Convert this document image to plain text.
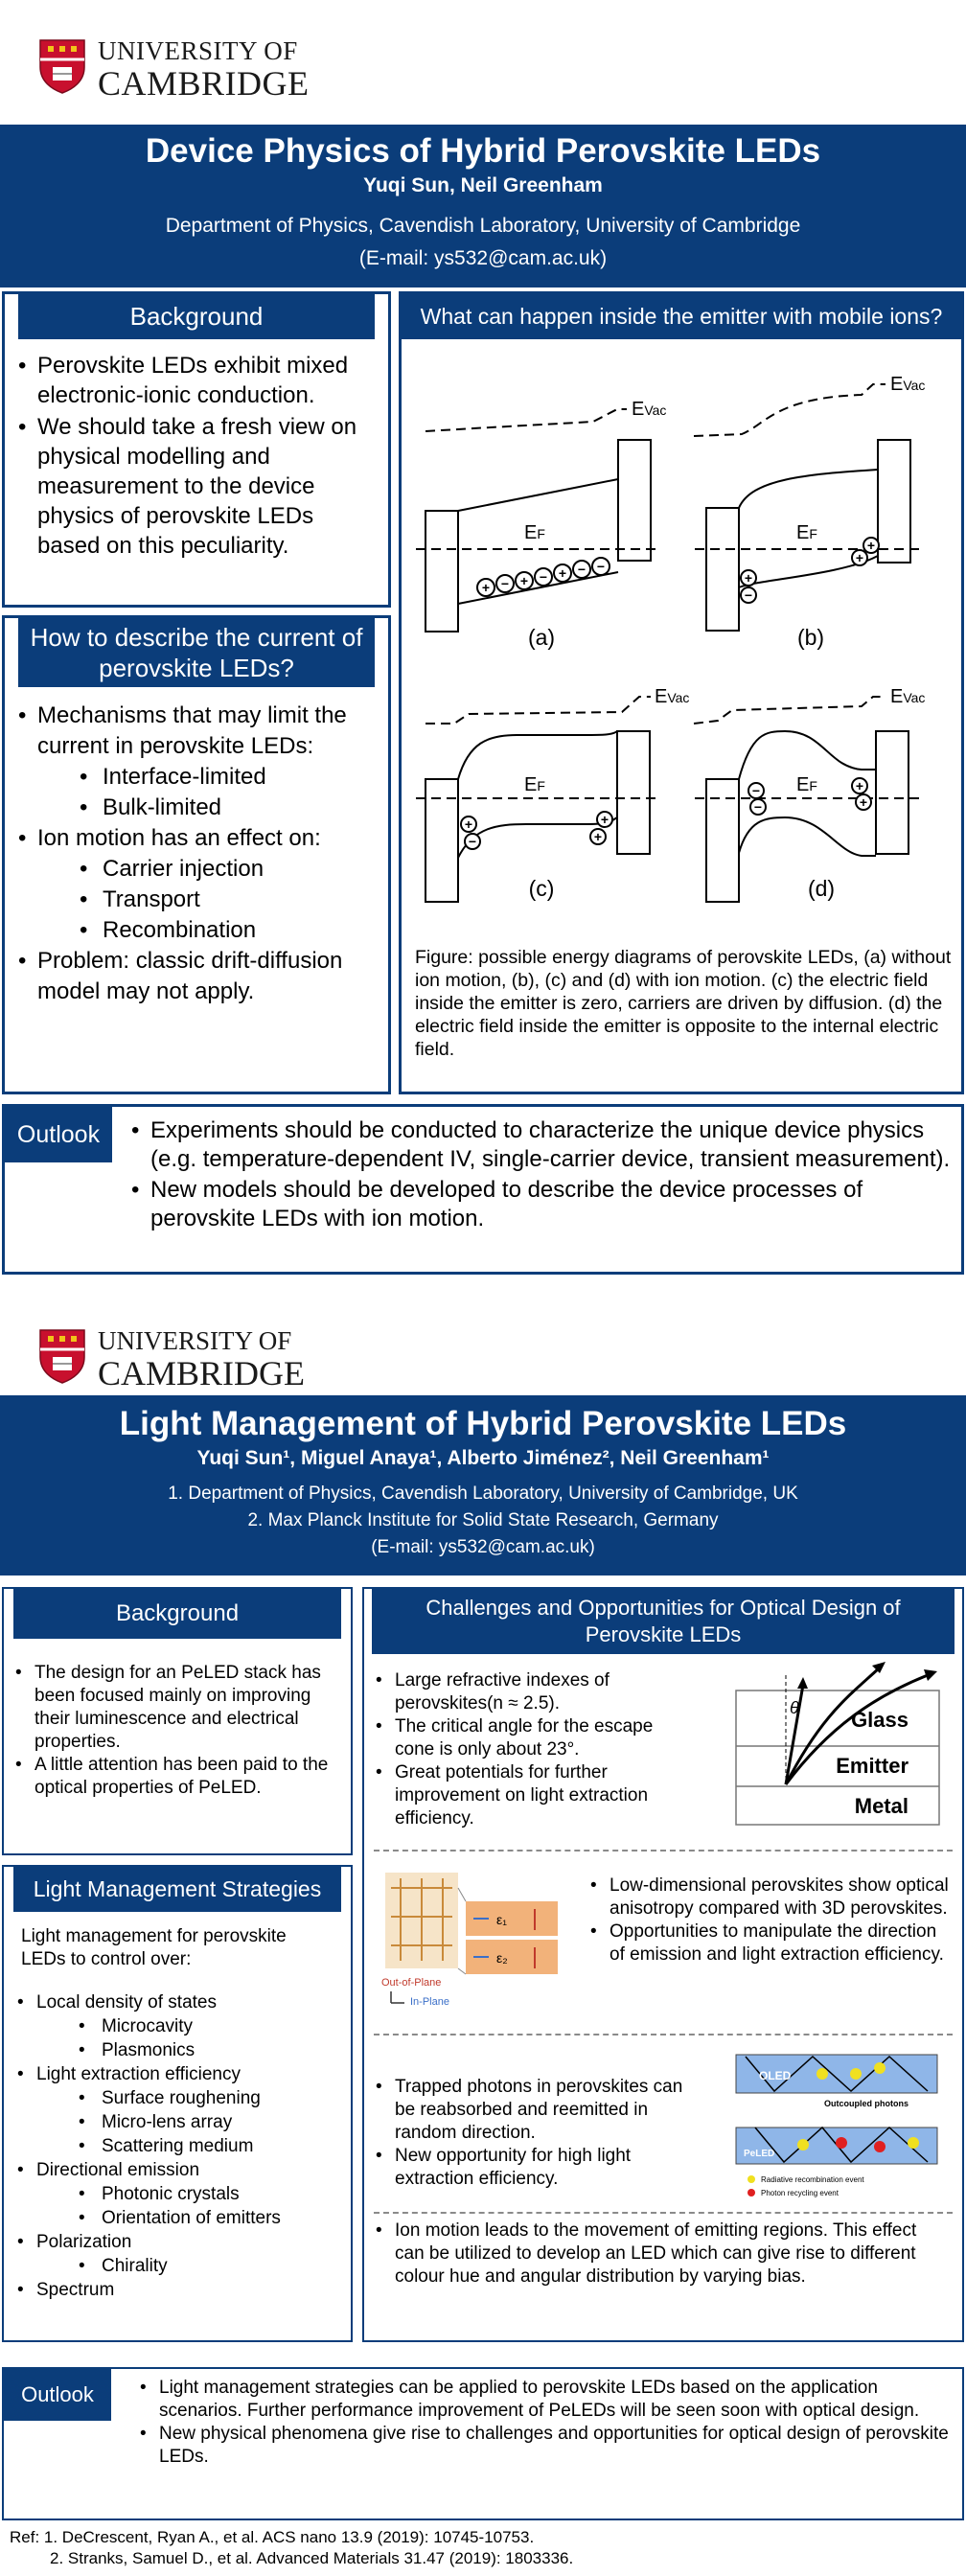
UNIVERSITY OF
CAMBRIDGE
Device Physics of Hybrid Perovskite LEDs
Yuqi Sun, Neil Greenham
Department of Physics, Cavendish Laboratory, University of Cambridge
(E-mail: ys532@cam.ac.uk)
Background
• Perovskite LEDs exhibit mixed electronic-ionic conduction.
• We should take a fresh view on physical modelling and measurement to the device physics of perovskite LEDs based on this peculiarity.
How to describe the current of perovskite LEDs?
• Mechanisms that may limit the current in perovskite LEDs:
• Interface-limited
• Bulk-limited
• Ion motion has an effect on:
• Carrier injection
• Transport
• Recombination
• Problem: classic drift-diffusion model may not apply.
What can happen inside the emitter with mobile ions?
+ − + − + − −
+
−
+
+
+
−
+
+
−
−
+
+
EVac
EVac
EVac	EVac
EF	EF
EF	EF
(a)	(b)
(c)	(d)
Figure: possible energy diagrams of perovskite LEDs, (a) without ion motion, (b), (c) and (d) with ion motion. (c) the electric field inside the emitter is zero, carriers are driven by diffusion. (d) the electric field inside the emitter is opposite to the internal electric field.
Outlook	• Experiments should be conducted to characterize the unique device physics (e.g. temperature-dependent IV, single-carrier device, transient measurement).
• New models should be developed to describe the device processes of perovskite LEDs with ion motion.
UNIVERSITY OF
CAMBRIDGE
Light Management of Hybrid Perovskite LEDs
Yuqi Sun¹, Miguel Anaya¹, Alberto Jiménez², Neil Greenham¹
1. Department of Physics, Cavendish Laboratory, University of Cambridge, UK
2. Max Planck Institute for Solid State Research, Germany
(E-mail: ys532@cam.ac.uk)
Background
• The design for an PeLED stack has been focused mainly on improving their luminescence and electrical properties.
• A little attention has been paid to the optical properties of PeLED.
Light Management Strategies
Light management for perovskite LEDs to control over:
• Local density of states
• Microcavity
• Plasmonics
• Light extraction efficiency
• Surface roughening
• Micro-lens array
• Scattering medium
• Directional emission
• Photonic crystals
• Orientation of emitters
• Polarization
• Chirality
• Spectrum
Challenges and Opportunities for Optical Design of Perovskite LEDs
• Large refractive indexes of perovskites(n ≈ 2.5).
• The critical angle for the escape cone is only about 23°.
• Great potentials for further improvement on light extraction efficiency.
θ Glass
Emitter
Metal
ε₁
ε₂
Out-of-Plane
In-Plane
• Low-dimensional perovskites show optical anisotropy compared with 3D perovskites.
• Opportunities to manipulate the direction of emission and light extraction efficiency.
• Trapped photons in perovskites can be reabsorbed and reemitted in random direction.
• New opportunity for high light extraction efficiency.
OLED
Outcoupled photons
PeLED
Radiative recombination event
Photon recycling event
• Ion motion leads to the movement of emitting regions. This effect can be utilized to develop an LED which can give rise to different colour hue and angular distribution by varying bias.
Outlook	• Light management strategies can be applied to perovskite LEDs based on the application scenarios. Further performance improvement of PeLEDs will be seen soon with optical design.
• New physical phenomena give rise to challenges and opportunities for optical design of perovskite LEDs.
Ref: 1. DeCrescent, Ryan A., et al. ACS nano 13.9 (2019): 10745-10753.
2. Stranks, Samuel D., et al. Advanced Materials 31.47 (2019): 1803336.
